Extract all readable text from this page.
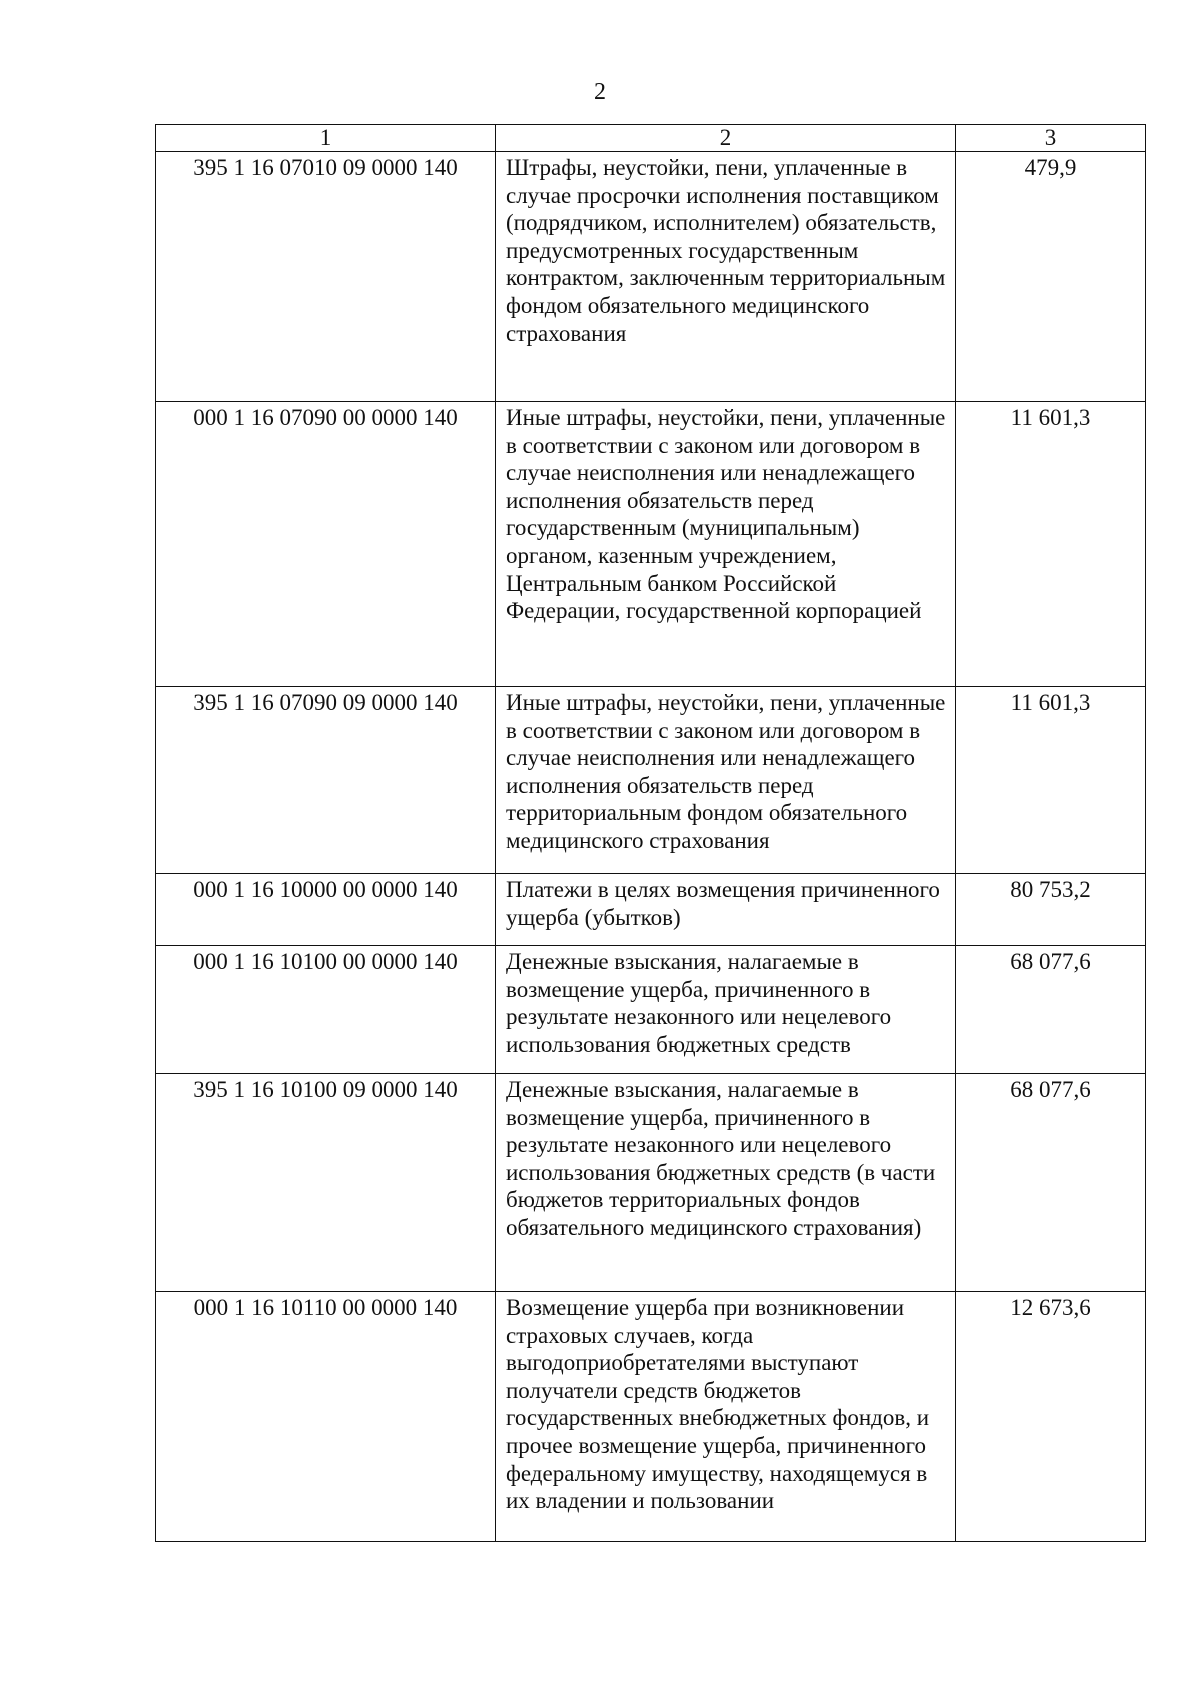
2
1	2	3
395 1 16 07010 09 0000 140	Штрафы, неустойки, пени, уплаченные в случае просрочки исполнения поставщиком (подрядчиком, исполнителем) обязательств, предусмотренных государственным контрактом, заключенным территориальным фондом обязательного медицинского страхования	479,9
000 1 16 07090 00 0000 140	Иные штрафы, неустойки, пени, уплаченные в соответствии с законом или договором в случае неисполнения или ненадлежащего исполнения обязательств перед государственным (муниципальным) органом, казенным учреждением, Центральным банком Российской Федерации, государственной корпорацией	11 601,3
395 1 16 07090 09 0000 140	Иные штрафы, неустойки, пени, уплаченные в соответствии с законом или договором в случае неисполнения или ненадлежащего исполнения обязательств перед территориальным фондом обязательного медицинского страхования	11 601,3
000 1 16 10000 00 0000 140	Платежи в целях возмещения причиненного ущерба (убытков)	80 753,2
000 1 16 10100 00 0000 140	Денежные взыскания, налагаемые в возмещение ущерба, причиненного в результате незаконного или нецелевого использования бюджетных средств	68 077,6
395 1 16 10100 09 0000 140	Денежные взыскания, налагаемые в возмещение ущерба, причиненного в результате незаконного или нецелевого использования бюджетных средств (в части бюджетов территориальных фондов обязательного медицинского страхования)	68 077,6
000 1 16 10110 00 0000 140	Возмещение ущерба при возникновении страховых случаев, когда выгодоприобретателями выступают получатели средств бюджетов государственных внебюджетных фондов, и прочее возмещение ущерба, причиненного федеральному имуществу, находящемуся в их владении и пользовании	12 673,6
